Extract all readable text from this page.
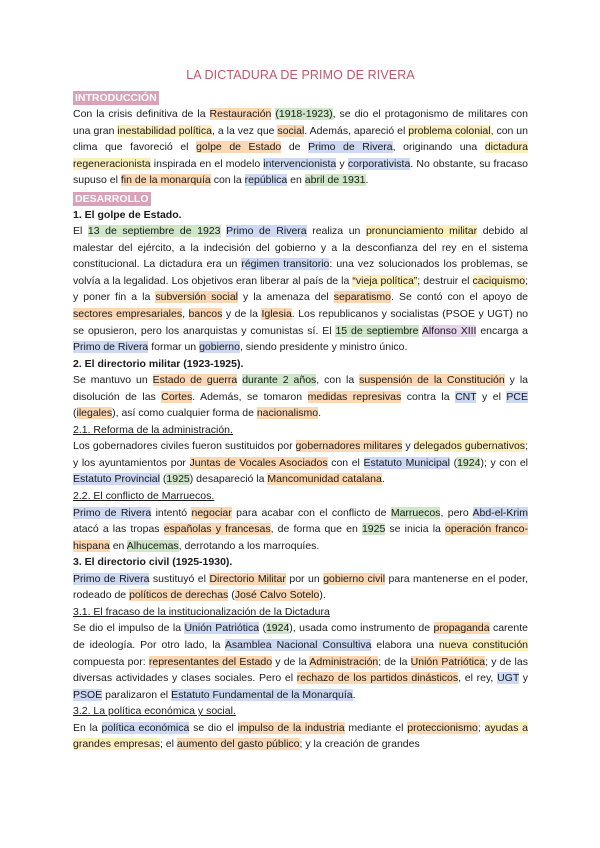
LA DICTADURA DE PRIMO DE RIVERA
INTRODUCCIÓN

Con la crisis definitiva de la Restauración (1918-1923), se dio el protagonismo de militares con una gran inestabilidad política, a la vez que social. Además, apareció el problema colonial, con un clima que favoreció el golpe de Estado de Primo de Rivera, originando una dictadura regeneracionista inspirada en el modelo intervencionista y corporativista. No obstante, su fracaso supuso el fin de la monarquía con la república en abril de 1931.

DESARROLLO

1. El golpe de Estado.

El 13 de septiembre de 1923 Primo de Rivera realiza un pronunciamiento militar debido al malestar del ejército, a la indecisión del gobierno y a la desconfianza del rey en el sistema constitucional. La dictadura era un régimen transitorio: una vez solucionados los problemas, se volvía a la legalidad. Los objetivos eran liberar al país de la “vieja política”; destruir el caciquismo; y poner fin a la subversión social y la amenaza del separatismo. Se contó con el apoyo de sectores empresariales, bancos y de la Iglesia. Los republicanos y socialistas (PSOE y UGT) no se opusieron, pero los anarquistas y comunistas sí. El 15 de septiembre Alfonso XIII encarga a Primo de Rivera formar un gobierno, siendo presidente y ministro único.

2. El directorio militar (1923-1925).

Se mantuvo un Estado de guerra durante 2 años, con la suspensión de la Constitución y la disolución de las Cortes. Además, se tomaron medidas represivas contra la CNT y el PCE (ilegales), así como cualquier forma de nacionalismo.

2.1. Reforma de la administración.

Los gobernadores civiles fueron sustituidos por gobernadores militares y delegados gubernativos; y los ayuntamientos por Juntas de Vocales Asociados con el Estatuto Municipal (1924); y con el Estatuto Provincial (1925) desapareció la Mancomunidad catalana.

2.2. El conflicto de Marruecos.

Primo de Rivera intentó negociar para acabar con el conflicto de Marruecos, pero Abd-el-Krim atacó a las tropas españolas y francesas, de forma que en 1925 se inicia la operación franco-hispana en Alhucemas, derrotando a los marroquíes.

3. El directorio civil (1925-1930).

Primo de Rivera sustituyó el Directorio Militar por un gobierno civil para mantenerse en el poder, rodeado de políticos de derechas (José Calvo Sotelo).

3.1. El fracaso de la institucionalización de la Dictadura

Se dio el impulso de la Unión Patriótica (1924), usada como instrumento de propaganda carente de ideología. Por otro lado, la Asamblea Nacional Consultiva elabora una nueva constitución compuesta por: representantes del Estado y de la Administración; de la Unión Patriótica; y de las diversas actividades y clases sociales. Pero el rechazo de los partidos dinásticos, el rey, UGT y PSOE paralizaron el Estatuto Fundamental de la Monarquía.

3.2. La política económica y social.

En la política económica se dio el impulso de la industria mediante el proteccionismo; ayudas a grandes empresas; el aumento del gasto público; y la creación de grandes
